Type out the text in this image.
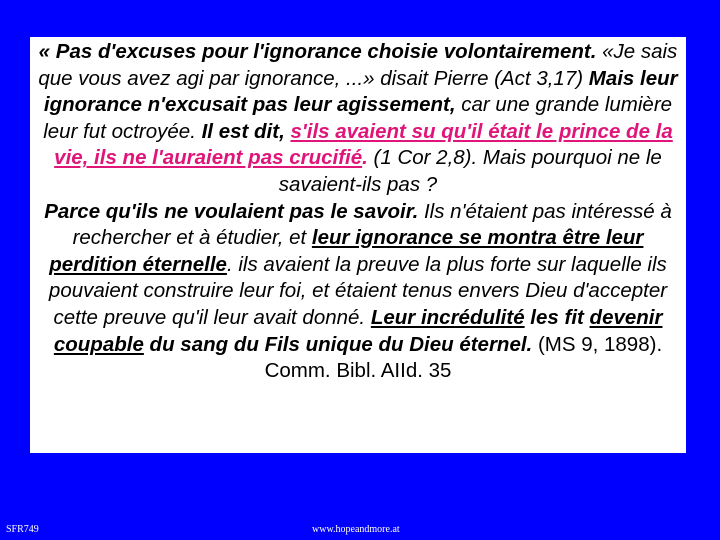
« Pas d'excuses pour l'ignorance choisie volontairement. «Je sais que vous avez agi par ignorance, ...» disait Pierre (Act 3,17) Mais leur ignorance n'excusait pas leur agissement, car une grande lumière leur fut octroyée. Il est dit, s'ils avaient su qu'il était le prince de la vie, ils ne l'auraient pas crucifié. (1 Cor 2,8). Mais pourquoi ne le savaient-ils pas ?
Parce qu'ils ne voulaient pas le savoir. Ils n'étaient pas intéressé à rechercher et à étudier, et leur ignorance se montra être leur perdition éternelle. ils avaient la preuve la plus forte sur laquelle ils pouvaient construire leur foi, et étaient tenus envers Dieu d'accepter cette preuve qu'il leur avait donné. Leur incrédulité les fit devenir coupable du sang du Fils unique du Dieu éternel. (MS 9, 1898). Comm. Bibl. AIId. 35

SFR749	www.hopeandmore.at
